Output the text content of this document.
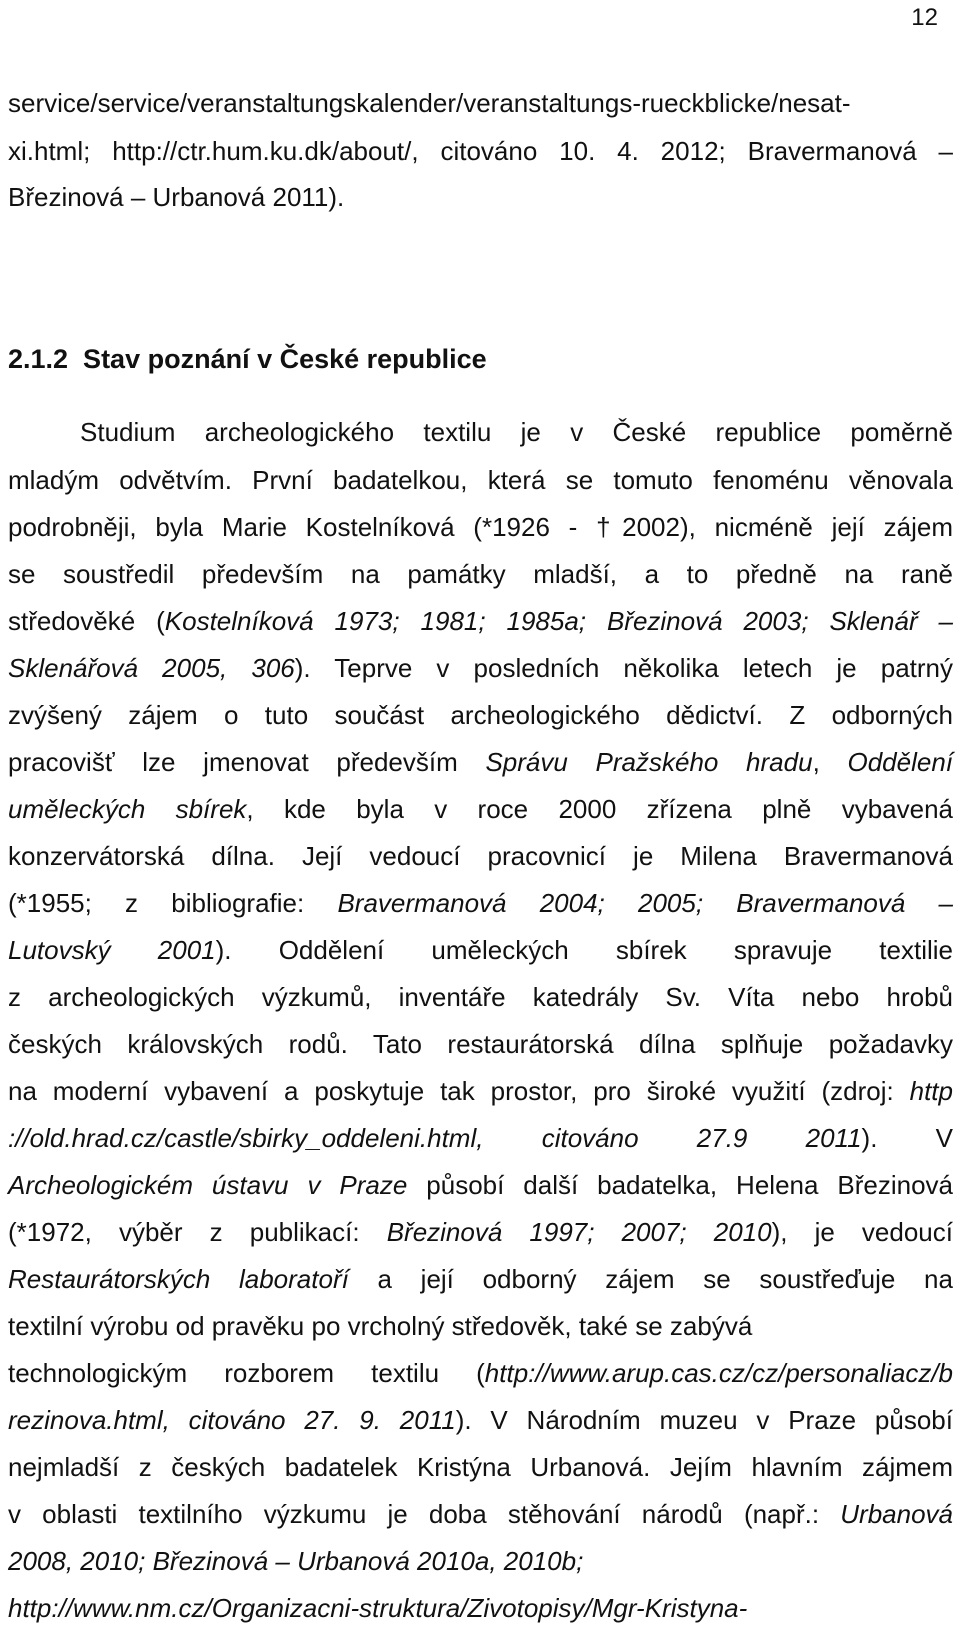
12
service/service/veranstaltungskalender/veranstaltungs-rueckblicke/nesat-
xi.html; http://ctr.hum.ku.dk/about/, citováno 10. 4. 2012; Bravermanová –
Březinová – Urbanová 2011).
2.1.2  Stav poznání v České republice
Studium archeologického textilu je v České republice poměrně
mladým odvětvím. První badatelkou, která se tomuto fenoménu věnovala
podrobněji, byla Marie Kostelníková (*1926 - †2002), nicméně její zájem
se soustředil především na památky mladší, a to předně na raně
středověké (Kostelníková 1973; 1981; 1985a; Březinová 2003; Sklenář –
Sklenářová 2005, 306). Teprve v posledních několika letech je patrný
zvýšený zájem o tuto součást archeologického dědictví. Z odborných
pracovišť lze jmenovat především Správu Pražského hradu, Oddělení
uměleckých sbírek, kde byla v roce 2000 zřízena plně vybavená
konzervátorská dílna. Její vedoucí pracovnicí je Milena Bravermanová
(*1955; z bibliografie: Bravermanová 2004; 2005; Bravermanová –
Lutovský 2001). Oddělení uměleckých sbírek spravuje textilie
z archeologických výzkumů, inventáře katedrály Sv. Víta nebo hrobů
českých královských rodů. Tato restaurátorská dílna splňuje požadavky
na moderní vybavení a poskytuje tak prostor, pro široké využití (zdroj: http
://old.hrad.cz/castle/sbirky_oddeleni.html, citováno 27.9 2011). V
Archeologickém ústavu v Praze působí další badatelka, Helena Březinová
(*1972, výběr z publikací: Březinová 1997; 2007; 2010), je vedoucí
Restaurátorských laboratoří a její odborný zájem se soustřeďuje na
textilní výrobu od pravěku po vrcholný středověk, také se zabývá
technologickým rozborem textilu (http://www.arup.cas.cz/cz/personaliacz/b
rezinova.html, citováno 27. 9. 2011). V Národním muzeu v Praze působí
nejmladší z českých badatelek Kristýna Urbanová. Jejím hlavním zájmem
v oblasti textilního výzkumu je doba stěhování národů (např.: Urbanová
2008, 2010; Březinová – Urbanová 2010a, 2010b;
http://www.nm.cz/Organizacni-struktura/Zivotopisy/Mgr-Kristyna-
